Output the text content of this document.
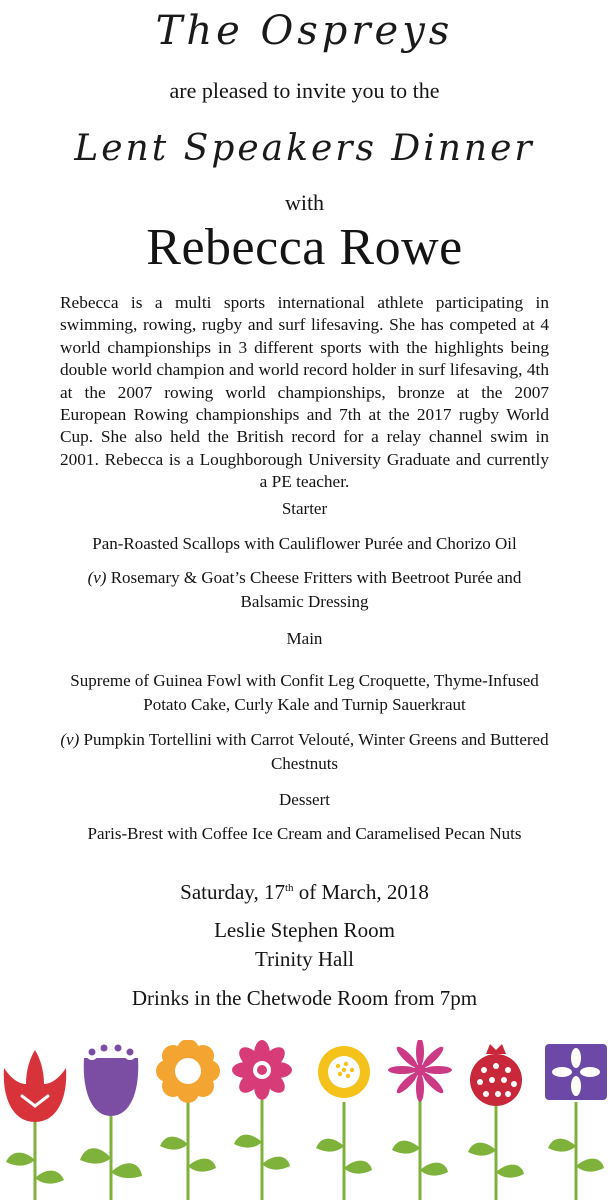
The Ospreys
are pleased to invite you to the
Lent Speakers Dinner
with
Rebecca Rowe
Rebecca is a multi sports international athlete participating in swimming, rowing, rugby and surf lifesaving. She has competed at 4 world championships in 3 different sports with the highlights being double world champion and world record holder in surf lifesaving, 4th at the 2007 rowing world championships, bronze at the 2007 European Rowing championships and 7th at the 2017 rugby World Cup. She also held the British record for a relay channel swim in 2001. Rebecca is a Loughborough University Graduate and currently a PE teacher.
Starter
Pan-Roasted Scallops with Cauliflower Purée and Chorizo Oil
(v) Rosemary & Goat’s Cheese Fritters with Beetroot Purée and Balsamic Dressing
Main
Supreme of Guinea Fowl with Confit Leg Croquette, Thyme-Infused Potato Cake, Curly Kale and Turnip Sauerkraut
(v) Pumpkin Tortellini with Carrot Velouté, Winter Greens and Buttered Chestnuts
Dessert
Paris-Brest with Coffee Ice Cream and Caramelised Pecan Nuts
Saturday, 17th of March, 2018
Leslie Stephen Room
Trinity Hall
Drinks in the Chetwode Room from 7pm
